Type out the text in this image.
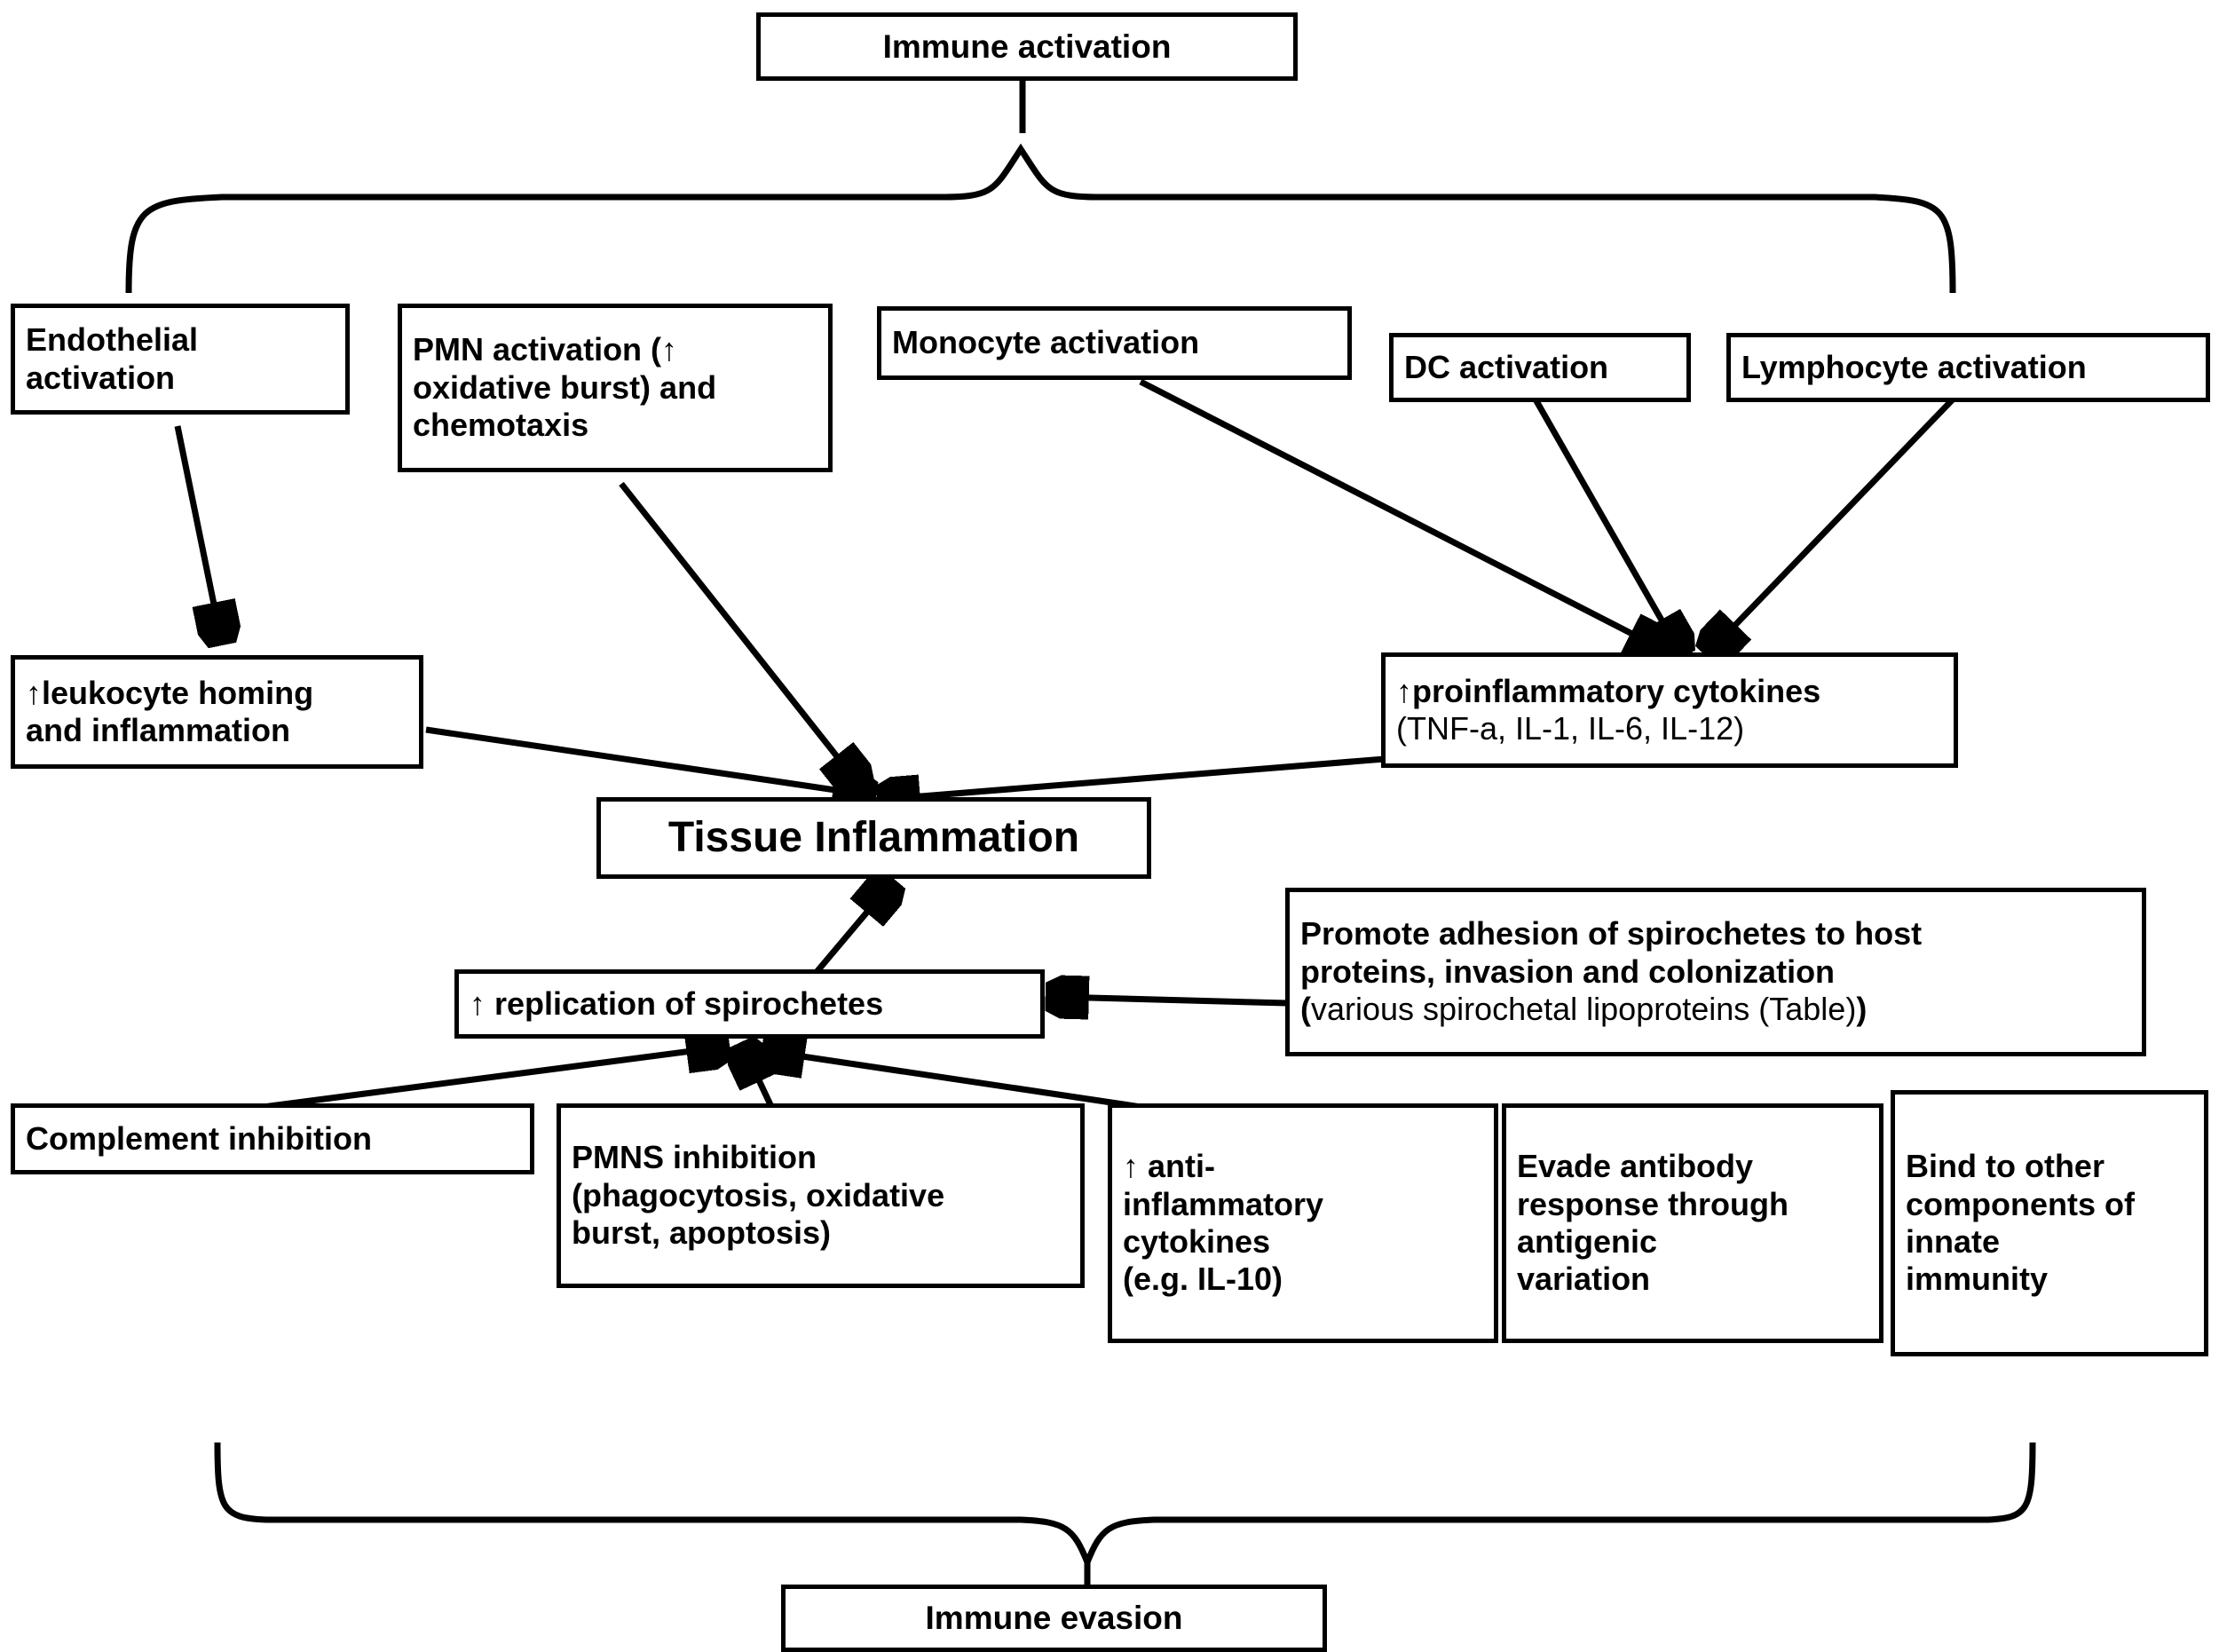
Immune activation
Endothelial
activation
PMN activation (↑
oxidative burst) and
chemotaxis
Monocyte activation
DC activation	Lymphocyte activation
↑leukocyte homing
and inflammation
↑proinflammatory cytokines
(TNF-a, IL-1, IL-6, IL-12)
Tissue Inflammation
↑ replication of spirochetes
Promote adhesion of spirochetes to host
proteins, invasion and colonization
(various spirochetal lipoproteins (Table))
Complement inhibition
PMNS inhibition
(phagocytosis, oxidative
burst, apoptosis)
↑ anti-
inflammatory
cytokines
(e.g. IL-10)
Evade antibody
response through
antigenic
variation
Bind to other
components of
innate
immunity
Immune evasion
